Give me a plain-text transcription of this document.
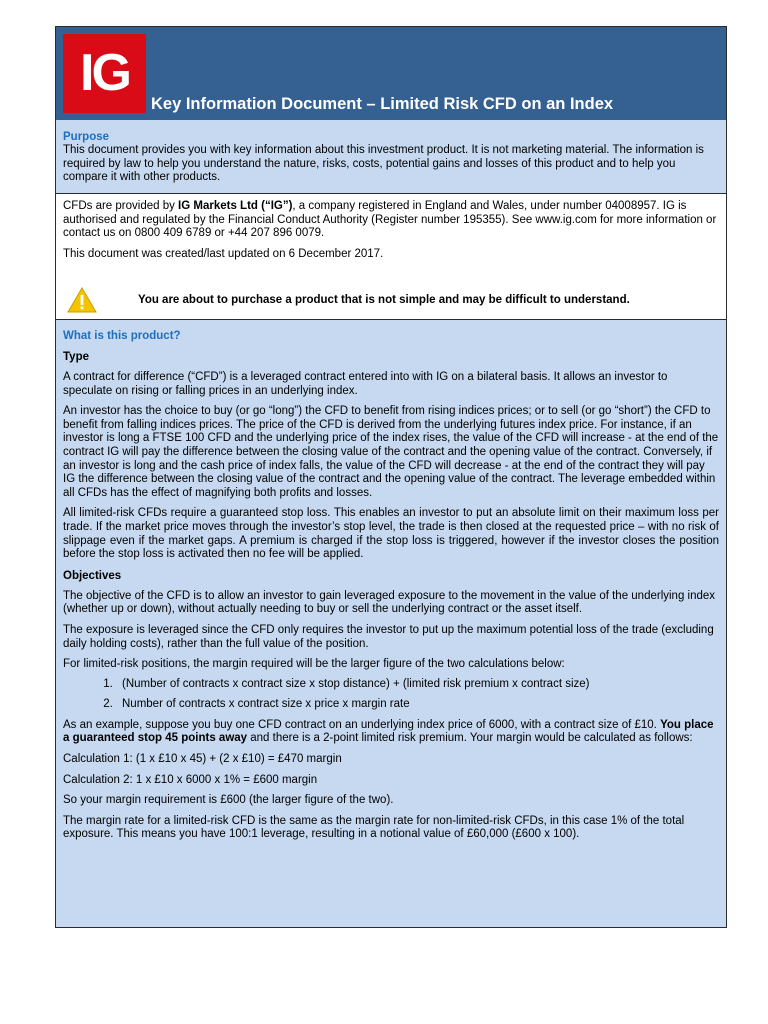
IG
Key Information Document – Limited Risk CFD on an Index
Purpose

This document provides you with key information about this investment product. It is not marketing material. The information is required by law to help you understand the nature, risks, costs, potential gains and losses of this product and to help you compare it with other products.

CFDs are provided by IG Markets Ltd (“IG”), a company registered in England and Wales, under number 04008957. IG is authorised and regulated by the Financial Conduct Authority (Register number 195355). See www.ig.com for more information or contact us on 0800 409 6789 or +44 207 896 0079.

This document was created/last updated on 6 December 2017.

You are about to purchase a product that is not simple and may be difficult to understand.
What is this product?
Type

A contract for difference (“CFD”) is a leveraged contract entered into with IG on a bilateral basis. It allows an investor to speculate on rising or falling prices in an underlying index.

An investor has the choice to buy (or go “long”) the CFD to benefit from rising indices prices; or to sell (or go “short”) the CFD to benefit from falling indices prices. The price of the CFD is derived from the underlying futures index price. For instance, if an investor is long a FTSE 100 CFD and the underlying price of the index rises, the value of the CFD will increase - at the end of the contract IG will pay the difference between the closing value of the contract and the opening value of the contract. Conversely, if an investor is long and the cash price of index falls, the value of the CFD will decrease - at the end of the contract they will pay IG the difference between the closing value of the contract and the opening value of the contract. The leverage embedded within all CFDs has the effect of magnifying both profits and losses.

All limited-risk CFDs require a guaranteed stop loss. This enables an investor to put an absolute limit on their maximum loss per trade. If the market price moves through the investor’s stop level, the trade is then closed at the requested price – with no risk of slippage even if the market gaps. A premium is charged if the stop loss is triggered, however if the investor closes the position before the stop loss is activated then no fee will be applied.

Objectives

The objective of the CFD is to allow an investor to gain leveraged exposure to the movement in the value of the underlying index (whether up or down), without actually needing to buy or sell the underlying contract or the asset itself.

The exposure is leveraged since the CFD only requires the investor to put up the maximum potential loss of the trade (excluding daily holding costs), rather than the full value of the position.

For limited-risk positions, the margin required will be the larger figure of the two calculations below:

1. (Number of contracts x contract size x stop distance) + (limited risk premium x contract size)
2. Number of contracts x contract size x price x margin rate

As an example, suppose you buy one CFD contract on an underlying index price of 6000, with a contract size of £10. You place a guaranteed stop 45 points away and there is a 2-point limited risk premium. Your margin would be calculated as follows:

Calculation 1: (1 x £10 x 45) + (2 x £10) = £470 margin

Calculation 2: 1 x £10 x 6000 x 1% = £600 margin

So your margin requirement is £600 (the larger figure of the two).

The margin rate for a limited-risk CFD is the same as the margin rate for non-limited-risk CFDs, in this case 1% of the total exposure. This means you have 100:1 leverage, resulting in a notional value of £60,000 (£600 x 100).
